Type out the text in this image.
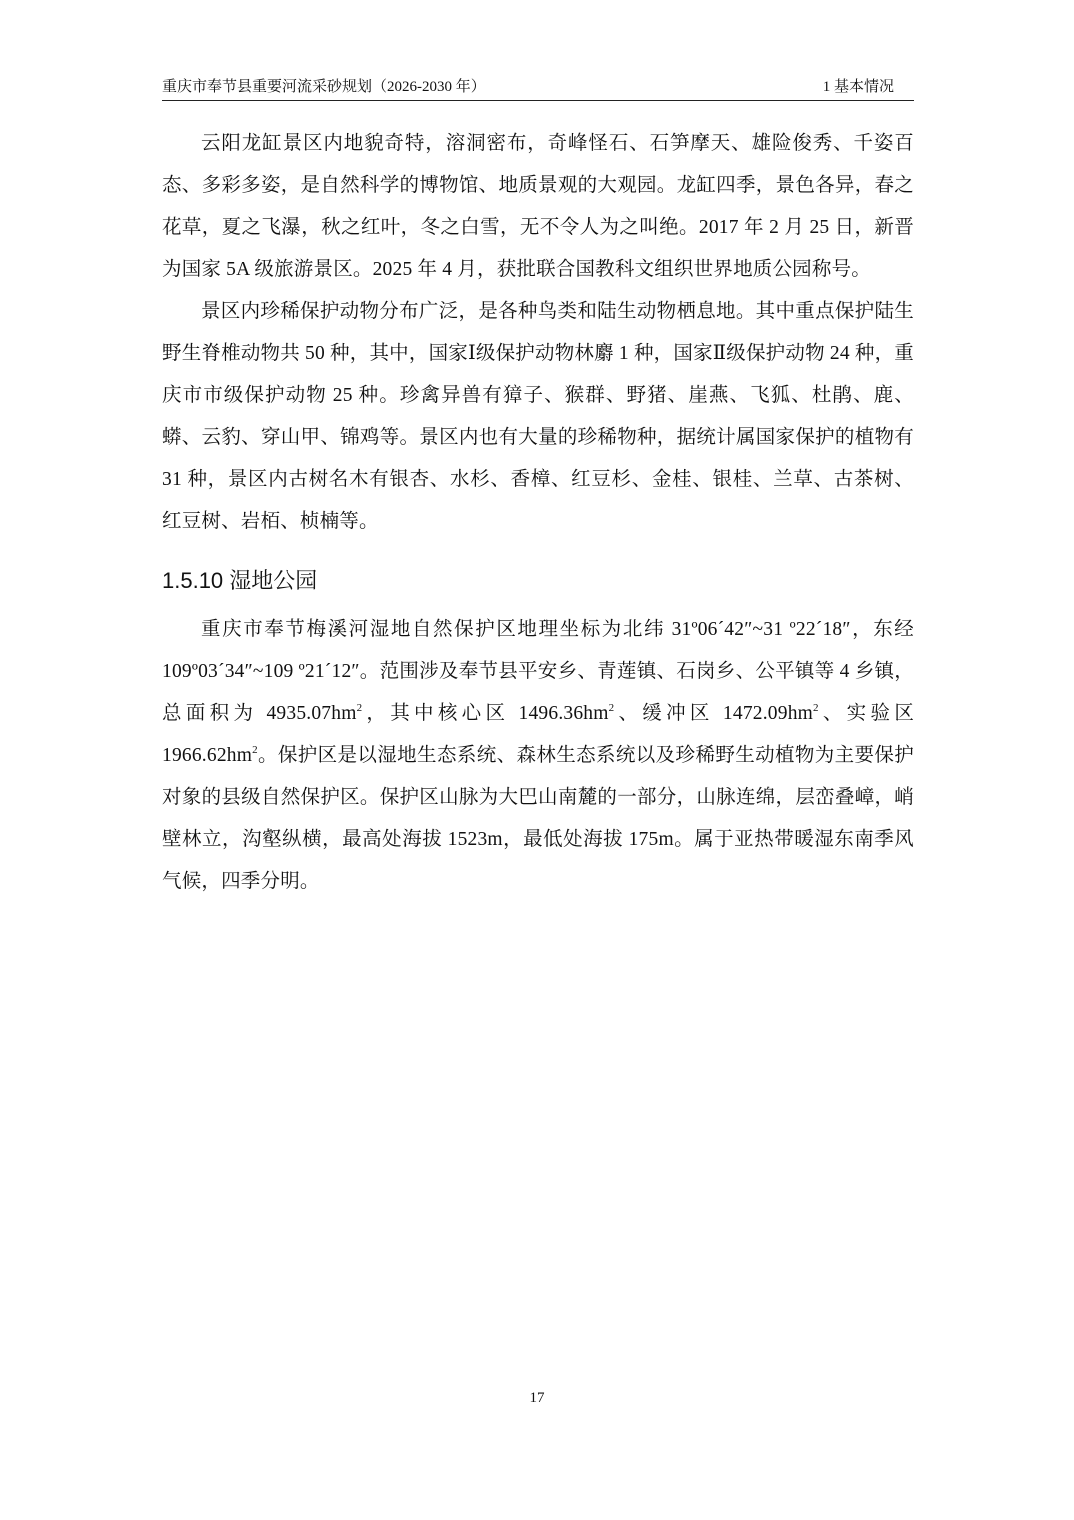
重庆市奉节县重要河流采砂规划（2026-2030 年）	1 基本情况

云阳龙缸景区内地貌奇特，溶洞密布，奇峰怪石、石笋摩天、雄险俊秀、千姿百态、多彩多姿，是自然科学的博物馆、地质景观的大观园。龙缸四季，景色各异，春之花草，夏之飞瀑，秋之红叶，冬之白雪，无不令人为之叫绝。2017 年 2 月 25 日，新晋为国家 5A 级旅游景区。2025 年 4 月，获批联合国教科文组织世界地质公园称号。

景区内珍稀保护动物分布广泛，是各种鸟类和陆生动物栖息地。其中重点保护陆生野生脊椎动物共 50 种，其中，国家Ⅰ级保护动物林麝 1 种，国家Ⅱ级保护动物 24 种，重庆市市级保护动物 25 种。珍禽异兽有獐子、猴群、野猪、崖燕、飞狐、杜鹃、鹿、蟒、云豹、穿山甲、锦鸡等。景区内也有大量的珍稀物种，据统计属国家保护的植物有 31 种，景区内古树名木有银杏、水杉、香樟、红豆杉、金桂、银桂、兰草、古茶树、红豆树、岩栢、桢楠等。

1.5.10 湿地公园

重庆市奉节梅溪河湿地自然保护区地理坐标为北纬 31º06´42″~31 º22´18″，东经 109º03´34″~109 º21´12″。范围涉及奉节县平安乡、青莲镇、石岗乡、公平镇等 4 乡镇，总面积为 $4935.07hm^2$，其中核心区 $1496.36hm^2$、缓冲区 $1472.09hm^2$、实验区 $1966.62hm^2$。保护区是以湿地生态系统、森林生态系统以及珍稀野生动植物为主要保护对象的县级自然保护区。保护区山脉为大巴山南麓的一部分，山脉连绵，层峦叠嶂，峭壁林立，沟壑纵横，最高处海拔 1523m，最低处海拔 175m。属于亚热带暖湿东南季风气候，四季分明。

17
